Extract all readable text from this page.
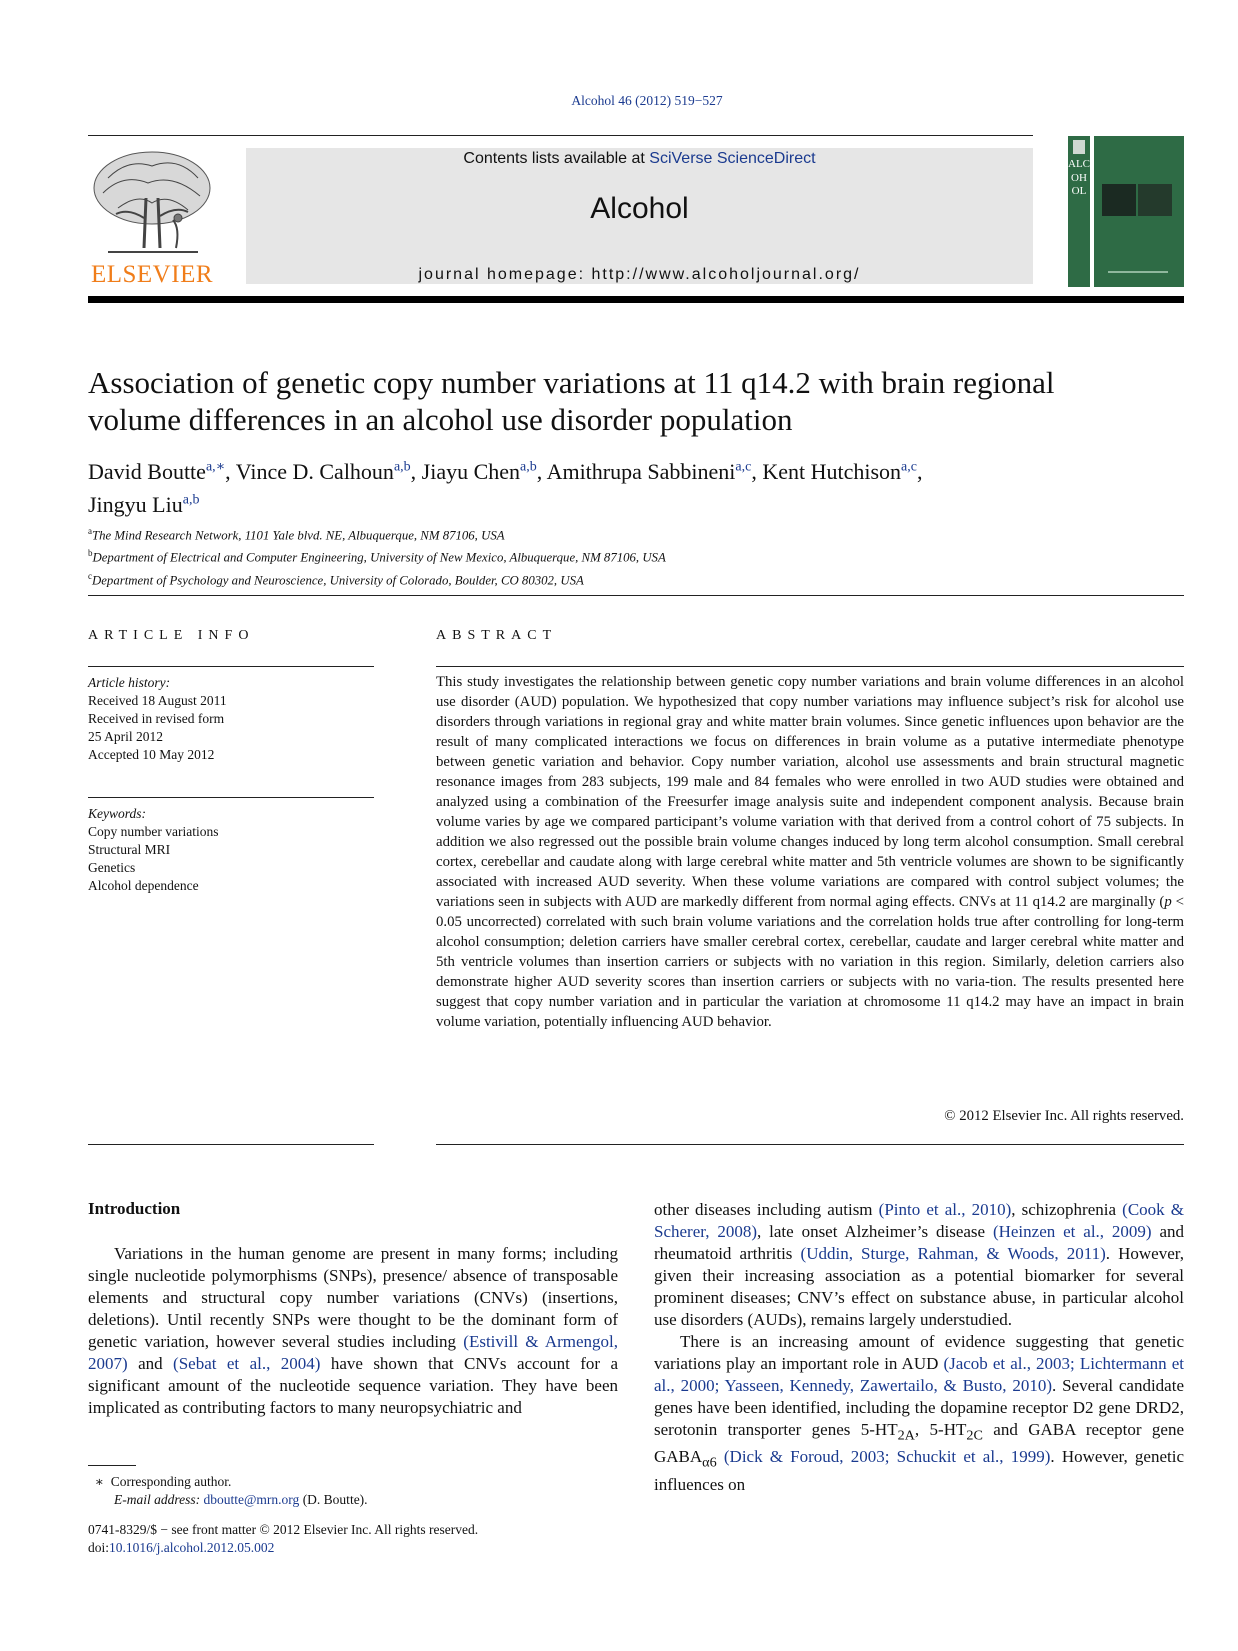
Alcohol 46 (2012) 519−527
ELSEVIER
Contents lists available at SciVerse ScienceDirect
Alcohol
journal homepage: http://www.alcoholjournal.org/
ALCOHOL
Association of genetic copy number variations at 11 q14.2 with brain regional
volume differences in an alcohol use disorder population
David Boutte$^{a,∗}$, Vince D. Calhoun$^{a,b}$, Jiayu Chen$^{a,b}$, Amithrupa Sabbineni$^{a,c}$, Kent Hutchison$^{a,c}$,
Jingyu Liu$^{a,b}$
$^a$The Mind Research Network, 1101 Yale blvd. NE, Albuquerque, NM 87106, USA
$^b$Department of Electrical and Computer Engineering, University of New Mexico, Albuquerque, NM 87106, USA
$^c$Department of Psychology and Neuroscience, University of Colorado, Boulder, CO 80302, USA
ARTICLE INFO
Article history:
Received 18 August 2011
Received in revised form
25 April 2012
Accepted 10 May 2012
Keywords:
Copy number variations
Structural MRI
Genetics
Alcohol dependence
ABSTRACT

This study investigates the relationship between genetic copy number variations and brain volume differences in an alcohol use disorder (AUD) population. We hypothesized that copy number variations may influence subject’s risk for alcohol use disorders through variations in regional gray and white matter brain volumes. Since genetic influences upon behavior are the result of many complicated interactions we focus on differences in brain volume as a putative intermediate phenotype between genetic variation and behavior. Copy number variation, alcohol use assessments and brain structural magnetic resonance images from 283 subjects, 199 male and 84 females who were enrolled in two AUD studies were obtained and analyzed using a combination of the Freesurfer image analysis suite and independent component analysis. Because brain volume varies by age we compared participant’s volume variation with that derived from a control cohort of 75 subjects. In addition we also regressed out the possible brain volume changes induced by long term alcohol consumption. Small cerebral cortex, cerebellar and caudate along with large cerebral white matter and 5th ventricle volumes are shown to be significantly associated with increased AUD severity. When these volume variations are compared with control subject volumes; the variations seen in subjects with AUD are markedly different from normal aging effects. CNVs at 11 q14.2 are marginally (p < 0.05 uncorrected) correlated with such brain volume variations and the correlation holds true after controlling for long-term alcohol consumption; deletion carriers have smaller cerebral cortex, cerebellar, caudate and larger cerebral white matter and 5th ventricle volumes than insertion carriers or subjects with no variation in this region. Similarly, deletion carriers also demonstrate higher AUD severity scores than insertion carriers or subjects with no varia-tion. The results presented here suggest that copy number variation and in particular the variation at chromosome 11 q14.2 may have an impact in brain volume variation, potentially influencing AUD behavior.

© 2012 Elsevier Inc. All rights reserved.
Introduction

Variations in the human genome are present in many forms; including single nucleotide polymorphisms (SNPs), presence/ absence of transposable elements and structural copy number variations (CNVs) (insertions, deletions). Until recently SNPs were thought to be the dominant form of genetic variation, however several studies including (Estivill & Armengol, 2007) and (Sebat et al., 2004) have shown that CNVs account for a significant amount of the nucleotide sequence variation. They have been implicated as contributing factors to many neuropsychiatric and

other diseases including autism (Pinto et al., 2010), schizophrenia (Cook & Scherer, 2008), late onset Alzheimer’s disease (Heinzen et al., 2009) and rheumatoid arthritis (Uddin, Sturge, Rahman, & Woods, 2011). However, given their increasing association as a potential biomarker for several prominent diseases; CNV’s effect on substance abuse, in particular alcohol use disorders (AUDs), remains largely understudied.

There is an increasing amount of evidence suggesting that genetic variations play an important role in AUD (Jacob et al., 2003; Lichtermann et al., 2000; Yasseen, Kennedy, Zawertailo, & Busto, 2010). Several candidate genes have been identified, including the dopamine receptor D2 gene DRD2, serotonin transporter genes $5-HT_{2A}$, $5-HT_{2C}$ and GABA receptor gene $GABA_{\alpha 6}$ (Dick & Foroud, 2003; Schuckit et al., 1999). However, genetic influences on

∗ Corresponding author.
E-mail address: dboutte@mrn.org (D. Boutte).
0741-8329/$ − see front matter © 2012 Elsevier Inc. All rights reserved.
doi:10.1016/j.alcohol.2012.05.002
